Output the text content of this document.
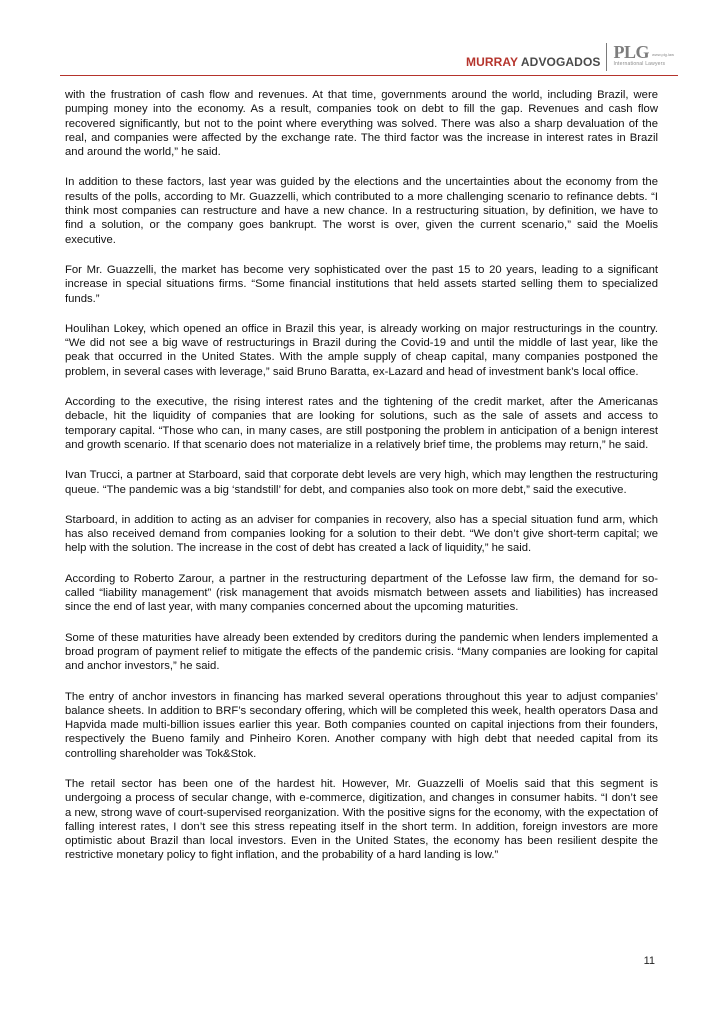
MURRAY ADVOGADOS PLG www.plg.law
International Lawyers

with the frustration of cash flow and revenues. At that time, governments around the world, including Brazil, were pumping money into the economy. As a result, companies took on debt to fill the gap. Revenues and cash flow recovered significantly, but not to the point where everything was solved. There was also a sharp devaluation of the real, and companies were affected by the exchange rate. The third factor was the increase in interest rates in Brazil and around the world,” he said.

In addition to these factors, last year was guided by the elections and the uncertainties about the economy from the results of the polls, according to Mr. Guazzelli, which contributed to a more challenging scenario to refinance debts. “I think most companies can restructure and have a new chance. In a restructuring situation, by definition, we have to find a solution, or the company goes bankrupt. The worst is over, given the current scenario,” said the Moelis executive.

For Mr. Guazzelli, the market has become very sophisticated over the past 15 to 20 years, leading to a significant increase in special situations firms. “Some financial institutions that held assets started selling them to specialized funds.”

Houlihan Lokey, which opened an office in Brazil this year, is already working on major restructurings in the country. “We did not see a big wave of restructurings in Brazil during the Covid-19 and until the middle of last year, like the peak that occurred in the United States. With the ample supply of cheap capital, many companies postponed the problem, in several cases with leverage,” said Bruno Baratta, ex-Lazard and head of investment bank’s local office.

According to the executive, the rising interest rates and the tightening of the credit market, after the Americanas debacle, hit the liquidity of companies that are looking for solutions, such as the sale of assets and access to temporary capital. “Those who can, in many cases, are still postponing the problem in anticipation of a benign interest and growth scenario. If that scenario does not materialize in a relatively brief time, the problems may return,” he said.

Ivan Trucci, a partner at Starboard, said that corporate debt levels are very high, which may lengthen the restructuring queue. “The pandemic was a big ‘standstill’ for debt, and companies also took on more debt,” said the executive.

Starboard, in addition to acting as an adviser for companies in recovery, also has a special situation fund arm, which has also received demand from companies looking for a solution to their debt. “We don’t give short-term capital; we help with the solution. The increase in the cost of debt has created a lack of liquidity,” he said.

According to Roberto Zarour, a partner in the restructuring department of the Lefosse law firm, the demand for so-called “liability management” (risk management that avoids mismatch between assets and liabilities) has increased since the end of last year, with many companies concerned about the upcoming maturities.

Some of these maturities have already been extended by creditors during the pandemic when lenders implemented a broad program of payment relief to mitigate the effects of the pandemic crisis. “Many companies are looking for capital and anchor investors,” he said.

The entry of anchor investors in financing has marked several operations throughout this year to adjust companies’ balance sheets. In addition to BRF’s secondary offering, which will be completed this week, health operators Dasa and Hapvida made multi-billion issues earlier this year. Both companies counted on capital injections from their founders, respectively the Bueno family and Pinheiro Koren. Another company with high debt that needed capital from its controlling shareholder was Tok&Stok.

The retail sector has been one of the hardest hit. However, Mr. Guazzelli of Moelis said that this segment is undergoing a process of secular change, with e-commerce, digitization, and changes in consumer habits. “I don’t see a new, strong wave of court-supervised reorganization. With the positive signs for the economy, with the expectation of falling interest rates, I don’t see this stress repeating itself in the short term. In addition, foreign investors are more optimistic about Brazil than local investors. Even in the United States, the economy has been resilient despite the restrictive monetary policy to fight inflation, and the probability of a hard landing is low.”

11
